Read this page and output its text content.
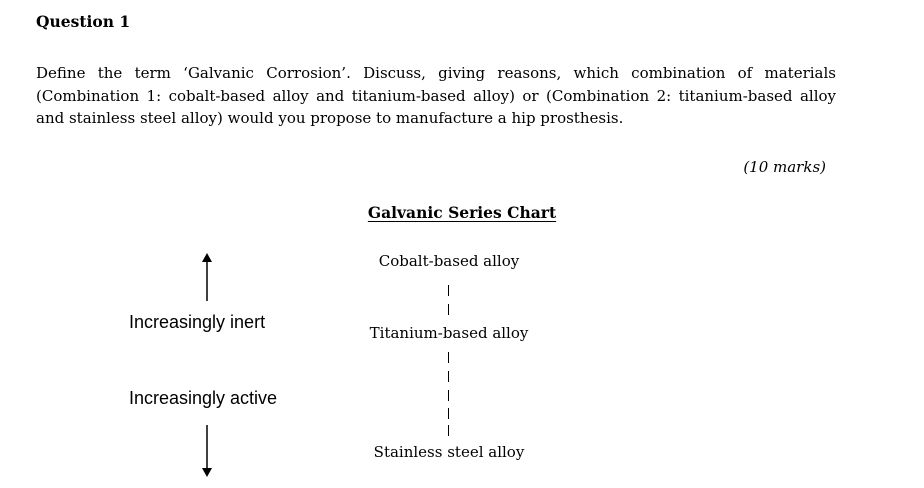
Question 1

Define the term ‘Galvanic Corrosion’. Discuss, giving reasons, which combination of materials (Combination 1: cobalt-based alloy and titanium-based alloy) or (Combination 2: titanium-based alloy and stainless steel alloy) would you propose to manufacture a hip prosthesis.

(10 marks)
Galvanic Series Chart
Increasingly inert
Increasingly active
Cobalt-based alloy
Titanium-based alloy
Stainless steel alloy
